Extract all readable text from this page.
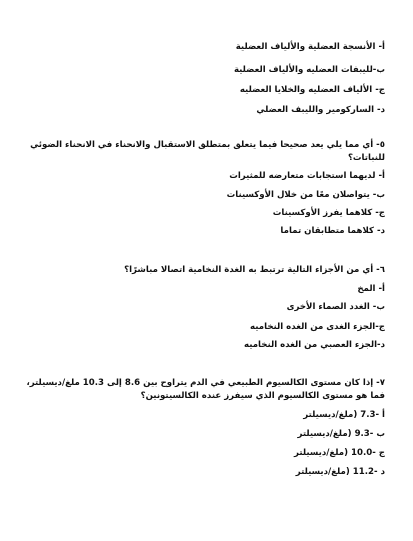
أ- الأنسجة العضلية والألياف العضلية
ب-لليبفات العضليه والألياف العضلية
ج- الألياف العضليه والخلايا العضليه
د- الساركومير والليبف العضلي
٥- أي مما يلي يعد صحيحا فيما يتعلق بمتطلق الاستقبال والانحناء في الانحناء الضوئي للنباتات؟
أ- لديهما استجابات متعارضه للمثيرات
ب- يتواصلان معًا من خلال الأوكسينات
ج- كلاهما يفرز الأوكسينات
د- كلاهما متطابقان تماما
٦- أي من الأجزاء التالية ترتبط به الغدة النخامية اتصالا مباشرًا؟
أ- المخ
ب- الغدد الصماء الأخرى
ج-الجزء الغدى من الغده النخاميه
د-الجزء العصبي من الغده النخاميه
٧- إذا كان مستوى الكالسيوم الطبيعي في الدم يتراوح بين 8.6 إلى 10.3 ملغ/ديسيلتر، فما هو مستوى الكالسيوم الذي سيفرز عنده الكالسيتونين؟
أ -7.3 (ملغ/ديسيلتر
ب -9.3 (ملغ/ديسيلتر
ج -10.0 (ملغ/ديسيلتر
د -11.2 (ملغ/ديسيلتر
